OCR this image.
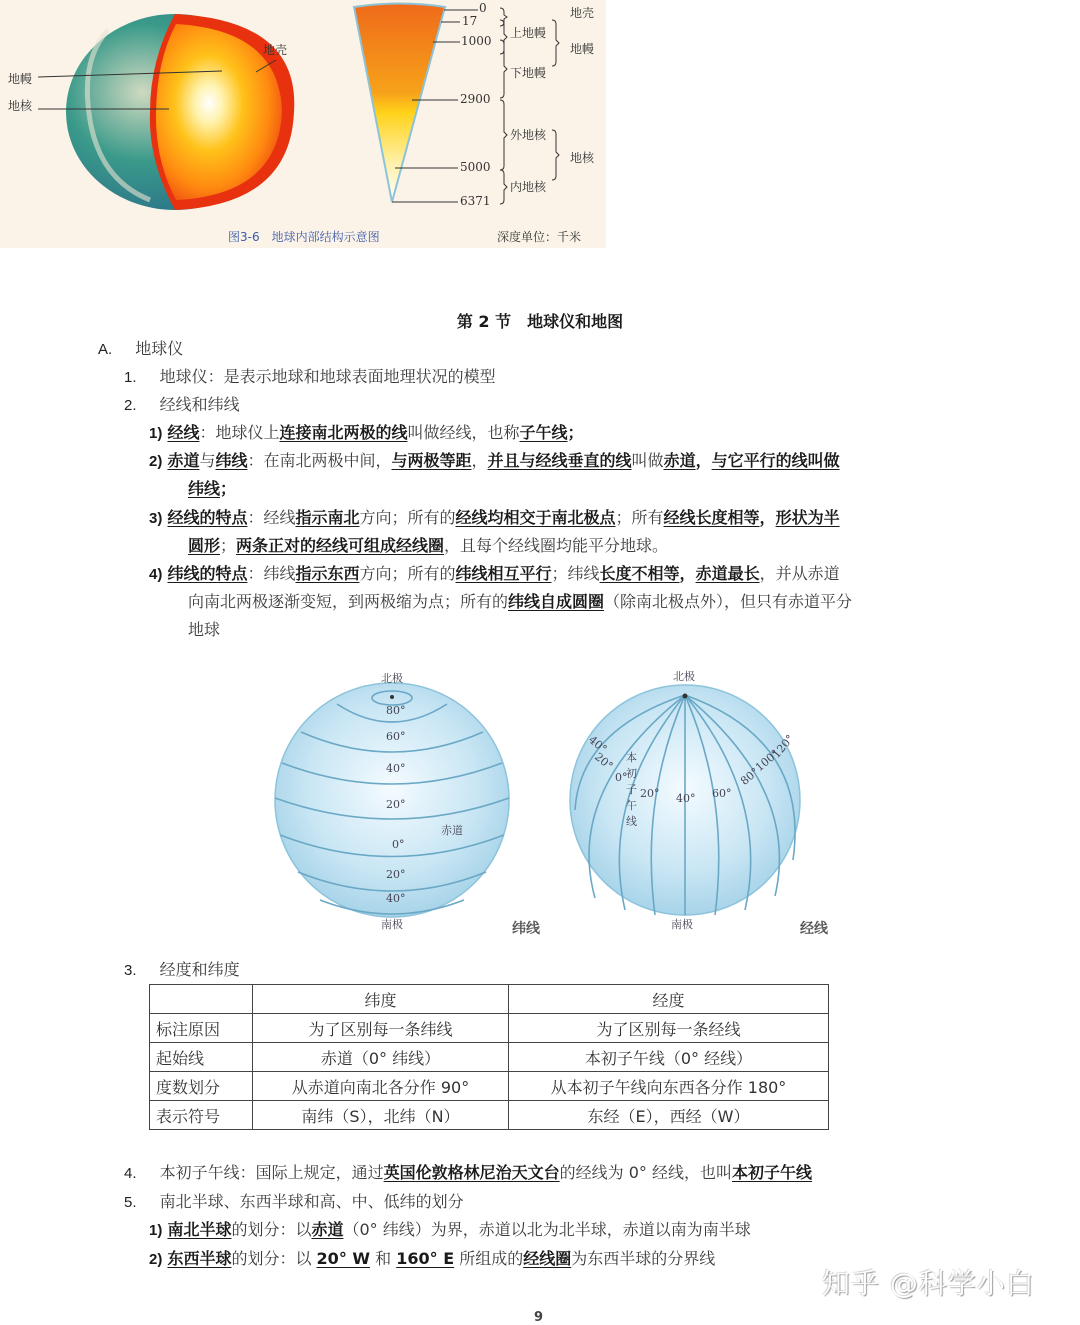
地幔
地核
地壳
0
17
1000
2900
5000
6371
地壳
上地幔
地幔
下地幔
外地核
地核
内地核
图3-6　地球内部结构示意图	深度单位：千米
第 2 节　地球仪和地图
A. 地球仪
1. 地球仪：是表示地球和地球表面地理状况的模型
2. 经线和纬线
1) 经线：地球仪上连接南北两极的线叫做经线，也称子午线；
2) 赤道与纬线：在南北两极中间，与两极等距，并且与经线垂直的线叫做赤道，与它平行的线叫做
纬线；
3) 经线的特点：经线指示南北方向；所有的经线均相交于南北极点；所有经线长度相等，形状为半
圆形；两条正对的经线可组成经线圈，且每个经线圈均能平分地球。
4) 纬线的特点：纬线指示东西方向；所有的纬线相互平行；纬线长度不相等，赤道最长，并从赤道
向南北两极逐渐变短，到两极缩为点；所有的纬线自成圆圈（除南北极点外），但只有赤道平分
地球
北极
80°
60°
40°
20°
赤道
0°
20°
40°
南极	纬线
北极
40°
20°
0°
20° 40° 60°
80°
100°
120°
本初子午线
南极	经线
3. 经度和纬度
	纬度	经度
标注原因	为了区别每一条纬线	为了区别每一条经线
起始线	赤道（0° 纬线）	本初子午线（0° 经线）
度数划分	从赤道向南北各分作 90°	从本初子午线向东西各分作 180°
表示符号	南纬（S），北纬（N）	东经（E），西经（W）
4. 本初子午线：国际上规定，通过英国伦敦格林尼治天文台的经线为 0° 经线，也叫本初子午线
5. 南北半球、东西半球和高、中、低纬的划分
1) 南北半球的划分：以赤道（0° 纬线）为界，赤道以北为北半球，赤道以南为南半球
2) 东西半球的划分：以 20° W 和 160° E 所组成的经线圈为东西半球的分界线
知乎 @科学小白
9
